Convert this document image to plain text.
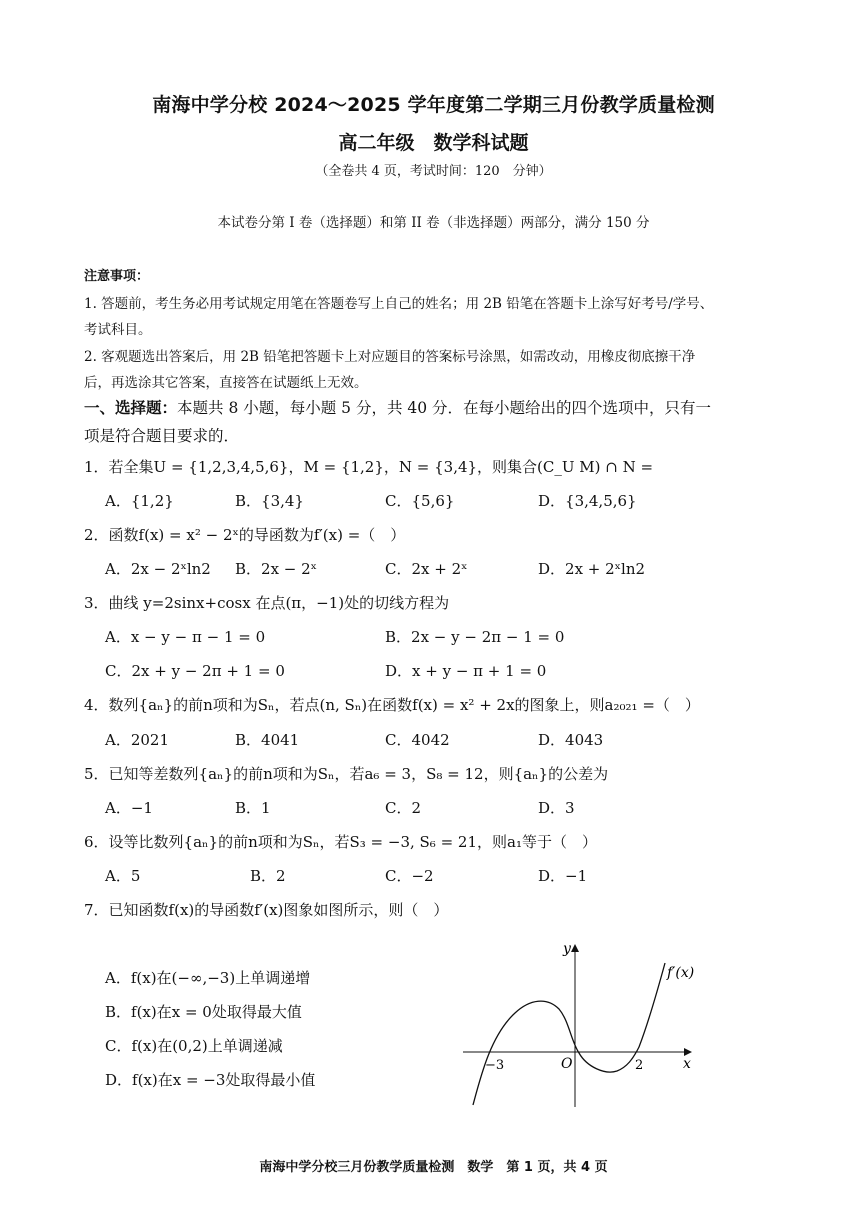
南海中学分校 2024～2025 学年度第二学期三月份教学质量检测
高二年级　数学科试题
（全卷共 4 页，考试时间：120　分钟）
本试卷分第 I 卷（选择题）和第 II 卷（非选择题）两部分，满分 150 分
注意事项：
1. 答题前，考生务必用考试规定用笔在答题卷写上自己的姓名；用 2B 铅笔在答题卡上涂写好考号/学号、
考试科目。
2. 客观题选出答案后，用 2B 铅笔把答题卡上对应题目的答案标号涂黑，如需改动，用橡皮彻底擦干净
后，再选涂其它答案，直接答在试题纸上无效。
一、选择题：本题共 8 小题，每小题 5 分，共 40 分．在每小题给出的四个选项中，只有一
项是符合题目要求的．
1．若全集U = {1,2,3,4,5,6}，M = {1,2}，N = {3,4}，则集合(C_U M) ∩ N =
A．{1,2}	B．{3,4}	C．{5,6}	D．{3,4,5,6}
2．函数f(x) = x² − 2ˣ的导函数为f′(x) =（　）
A．2x − 2ˣln2 B．2x − 2ˣ	C．2x + 2ˣ	D．2x + 2ˣln2
3．曲线 y=2sinx+cosx 在点(π，−1)处的切线方程为
A．x − y − π − 1 = 0	B．2x − y − 2π − 1 = 0
C．2x + y − 2π + 1 = 0	D．x + y − π + 1 = 0
4．数列{aₙ}的前n项和为Sₙ，若点(n, Sₙ)在函数f(x) = x² + 2x的图象上，则a₂₀₂₁ =（　）
A．2021	B．4041	C．4042	D．4043
5．已知等差数列{aₙ}的前n项和为Sₙ，若a₆ = 3，S₈ = 12，则{aₙ}的公差为
A．−1	B．1	C．2	D．3
6．设等比数列{aₙ}的前n项和为Sₙ，若S₃ = −3, S₆ = 21，则a₁等于（　）
A．5	B．2	C．−2	D．−1
7．已知函数f(x)的导函数f′(x)图象如图所示，则（　）
A．f(x)在(−∞,−3)上单调递增
B．f(x)在x = 0处取得最大值
C．f(x)在(0,2)上单调递减
D．f(x)在x = −3处取得最小值
y
x
O
−3	2
f′(x)
南海中学分校三月份教学质量检测　数学　第 1 页，共 4 页
